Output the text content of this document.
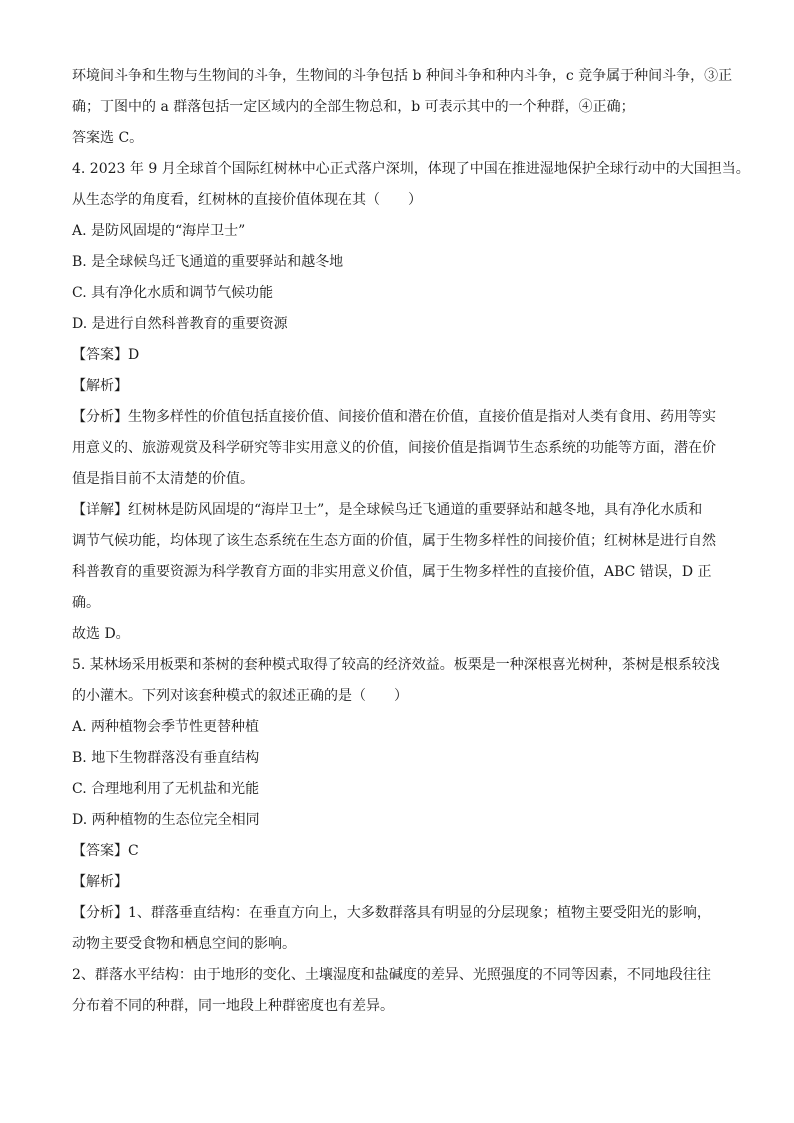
环境间斗争和生物与生物间的斗争，生物间的斗争包括 b 种间斗争和种内斗争，c 竞争属于种间斗争，③正
确；丁图中的 a 群落包括一定区域内的全部生物总和，b 可表示其中的一个种群，④正确；
答案选 C。
4. 2023 年 9 月全球首个国际红树林中心正式落户深圳，体现了中国在推进湿地保护全球行动中的大国担当。
从生态学的角度看，红树林的直接价值体现在其（　　）
A. 是防风固堤的“海岸卫士”
B. 是全球候鸟迁飞通道的重要驿站和越冬地
C. 具有净化水质和调节气候功能
D. 是进行自然科普教育的重要资源
【答案】D
【解析】
【分析】生物多样性的价值包括直接价值、间接价值和潜在价值，直接价值是指对人类有食用、药用等实
用意义的、旅游观赏及科学研究等非实用意义的价值，间接价值是指调节生态系统的功能等方面，潜在价
值是指目前不太清楚的价值。
【详解】红树林是防风固堤的“海岸卫士”，是全球候鸟迁飞通道的重要驿站和越冬地，具有净化水质和
调节气候功能，均体现了该生态系统在生态方面的价值，属于生物多样性的间接价值；红树林是进行自然
科普教育的重要资源为科学教育方面的非实用意义价值，属于生物多样性的直接价值，ABC 错误，D 正
确。
故选 D。
5. 某林场采用板栗和茶树的套种模式取得了较高的经济效益。板栗是一种深根喜光树种，茶树是根系较浅
的小灌木。下列对该套种模式的叙述正确的是（　　）
A. 两种植物会季节性更替种植
B. 地下生物群落没有垂直结构
C. 合理地利用了无机盐和光能
D. 两种植物的生态位完全相同
【答案】C
【解析】
【分析】1、群落垂直结构：在垂直方向上，大多数群落具有明显的分层现象；植物主要受阳光的影响，
动物主要受食物和栖息空间的影响。
2、群落水平结构：由于地形的变化、土壤湿度和盐碱度的差异、光照强度的不同等因素，不同地段往往
分布着不同的种群，同一地段上种群密度也有差异。
